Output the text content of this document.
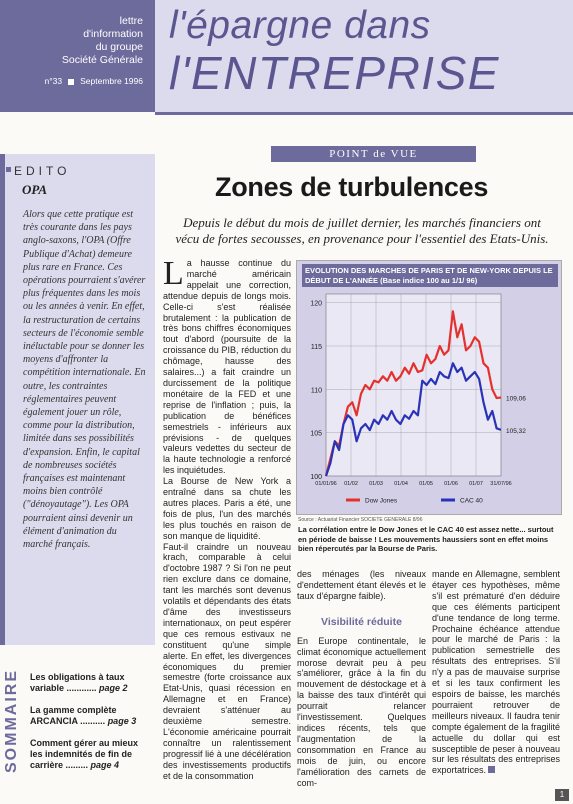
lettre
d'information
du groupe
Société Générale
n°33 Septembre 1996
l'épargne dans
l'ENTREPRISE
EDITO
OPA
Alors que cette pratique est très courante dans les pays anglo-saxons, l'OPA (Offre Publique d'Achat) demeure plus rare en France. Ces opérations pourraient s'avérer plus fréquentes dans les mois ou les années à venir. En effet, la restructuration de certains secteurs de l'économie semble inéluctable pour se donner les moyens d'affronter la compétition internationale. En outre, les contraintes réglementaires peuvent également jouer un rôle, comme pour la distribution, limitée dans ses possibilités d'expansion. Enfin, le capital de nombreuses sociétés françaises est maintenant moins bien contrôlé ("dénoyautage"). Les OPA pourraient ainsi devenir un élément d'animation du marché français.
SOMMAIRE Les obligations à taux variable ............ page 2
La gamme complète ARCANCIA .......... page 3
Comment gérer au mieux les indemnités de fin de carrière ......... page 4
POINT de VUE
Zones de turbulences
Depuis le début du mois de juillet dernier, les marchés financiers ont vécu de fortes secousses, en provenance pour l'essentiel des Etats-Unis.
La hausse continue du marché américain appelait une correction, attendue depuis de longs mois. Celle-ci s'est réalisée brutalement : la publication de très bons chiffres économiques tout d'abord (poursuite de la croissance du PIB, réduction du chômage, hausse des salaires...) a fait craindre un durcissement de la politique monétaire de la FED et une reprise de l'inflation ; puis, la publication de bénéfices semestriels - inférieurs aux prévisions - de quelques valeurs vedettes du secteur de la haute technologie a renforcé les inquiétudes.
La Bourse de New York a entraîné dans sa chute les autres places. Paris a été, une fois de plus, l'un des marchés les plus touchés en raison de son manque de liquidité.
Faut-il craindre un nouveau krach, comparable à celui d'octobre 1987 ? Si l'on ne peut rien exclure dans ce domaine, tant les marchés sont devenus volatils et dépendants des états d'âme des investisseurs internationaux, on peut espérer que ces remous estivaux ne constituent qu'une simple alerte. En effet, les divergences économiques du premier semestre (forte croissance aux Etat-Unis, quasi récession en Allemagne et en France) devraient s'atténuer au deuxième semestre. L'économie américaine pourrait connaître un ralentissement progressif lié à une décélération des investissements productifs et de la consommation
EVOLUTION DES MARCHES DE PARIS ET DE NEW-YORK DEPUIS LE DÉBUT DE L'ANNÉE (Base indice 100 au 1/1/ 96)
100
105
110
115
120
01/01/96 01/02 01/03 01/04 01/05 01/06 01/07 31/07/96
109,06
Dow Jones
105,32
CAC 40
Source : Actuariat Financier SOCIETE GENERALE 8/96
La corrélation entre le Dow Jones et le CAC 40 est assez nette... surtout en période de baisse ! Les mouvements haussiers sont en effet moins bien répercutés par la Bourse de Paris.
des ménages (les niveaux d'endettement étant élevés et le taux d'épargne faible).
En Europe continentale, le climat économique actuellement morose devrait peu à peu s'améliorer, grâce à la fin du mouvement de déstockage et à la baisse des taux d'intérêt qui pourrait relancer l'investissement. Quelques indices récents, tels que l'augmentation de la consommation en France au mois de juin, ou encore l'amélioration des carnets de com-
Visibilité réduite
mande en Allemagne, semblent étayer ces hypothèses, même s'il est prématuré d'en déduire que ces éléments participent d'une tendance de long terme. Prochaine échéance attendue pour le marché de Paris : la publication semestrielle des résultats des entreprises. S'il n'y a pas de mauvaise surprise et si les taux confirment les espoirs de baisse, les marchés pourraient retrouver de meilleurs niveaux. Il faudra tenir compte également de la fragilité actuelle du dollar qui est susceptible de peser à nouveau sur les résultats des entreprises exportatrices.
1
